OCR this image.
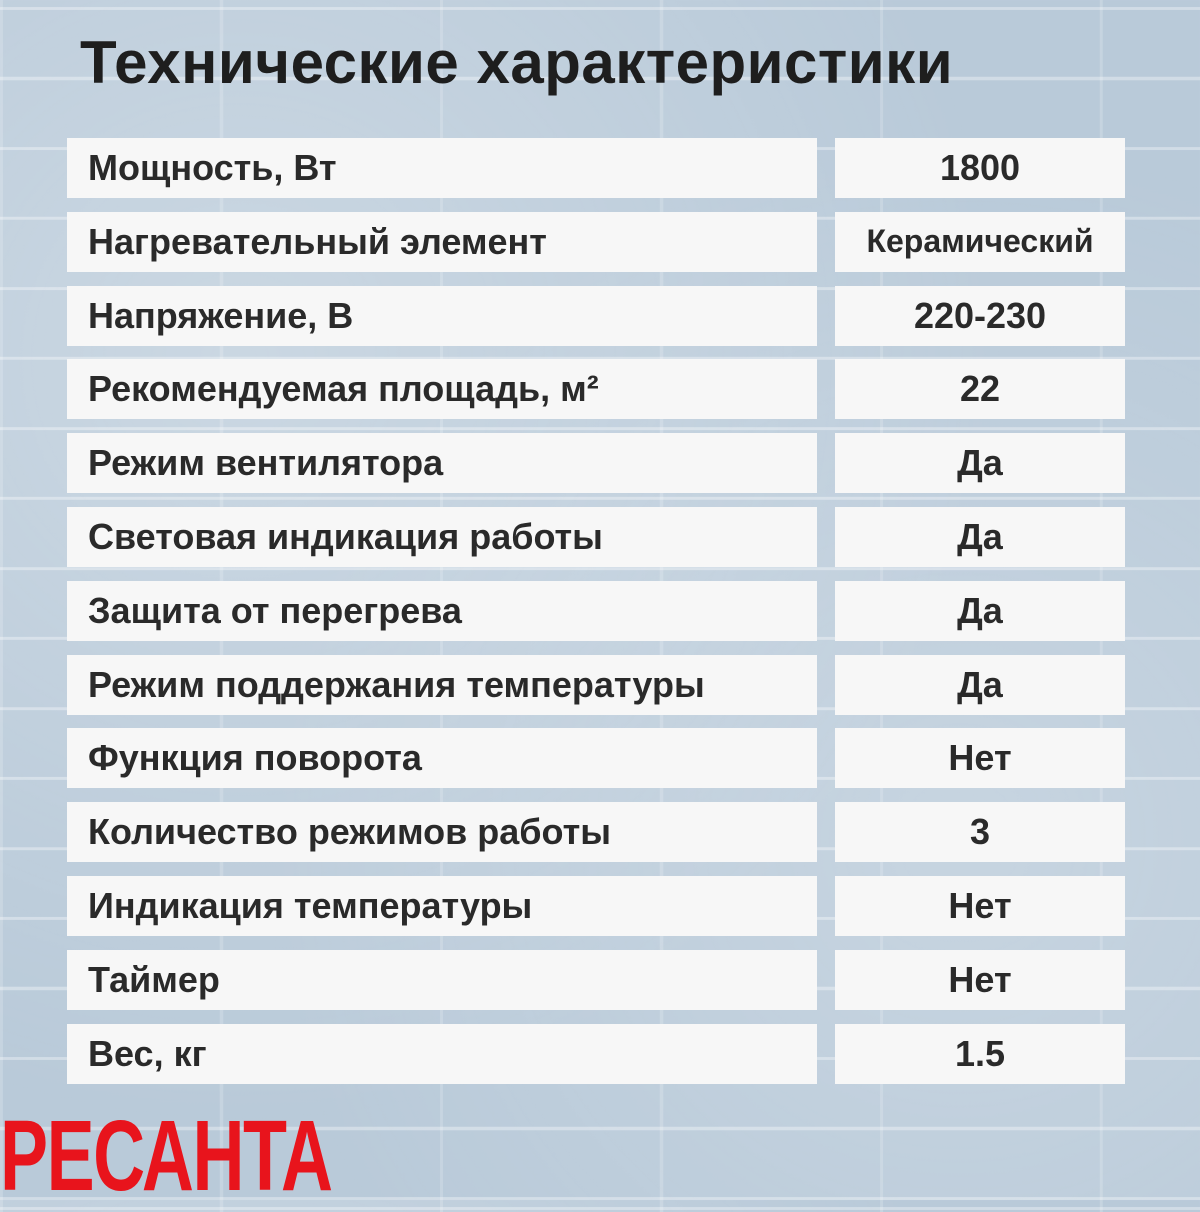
Технические характеристики
Мощность, Вт	1800
Нагревательный элемент	Керамический
Напряжение, В	220-230
Рекомендуемая площадь, м²	22
Режим вентилятора	Да
Световая индикация работы	Да
Защита от перегрева	Да
Режим поддержания температуры	Да
Функция поворота	Нет
Количество режимов работы	3
Индикация температуры	Нет
Таймер	Нет
Вес, кг	1.5
РЕСАНТА
